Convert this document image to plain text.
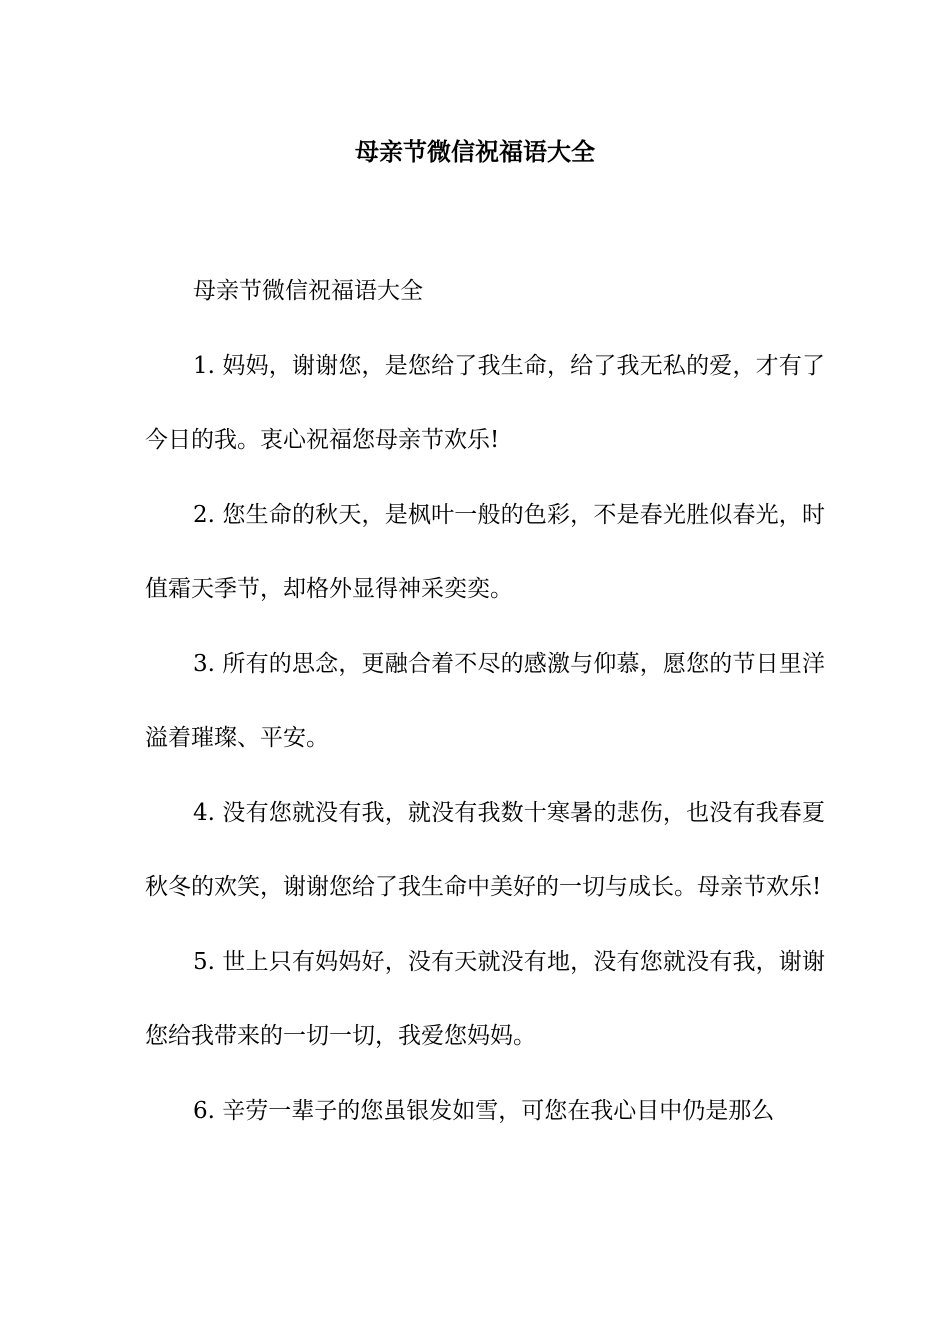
母亲节微信祝福语大全

母亲节微信祝福语大全

1. 妈妈，谢谢您，是您给了我生命，给了我无私的爱，才有了今日的我。衷心祝福您母亲节欢乐!

2. 您生命的秋天，是枫叶一般的色彩，不是春光胜似春光，时值霜天季节，却格外显得神采奕奕。

3. 所有的思念，更融合着不尽的感激与仰慕，愿您的节日里洋溢着璀璨、平安。

4. 没有您就没有我，就没有我数十寒暑的悲伤，也没有我春夏秋冬的欢笑，谢谢您给了我生命中美好的一切与成长。母亲节欢乐!

5. 世上只有妈妈好，没有天就没有地，没有您就没有我，谢谢您给我带来的一切一切，我爱您妈妈。

6. 辛劳一辈子的您虽银发如雪，可您在我心目中仍是那么
